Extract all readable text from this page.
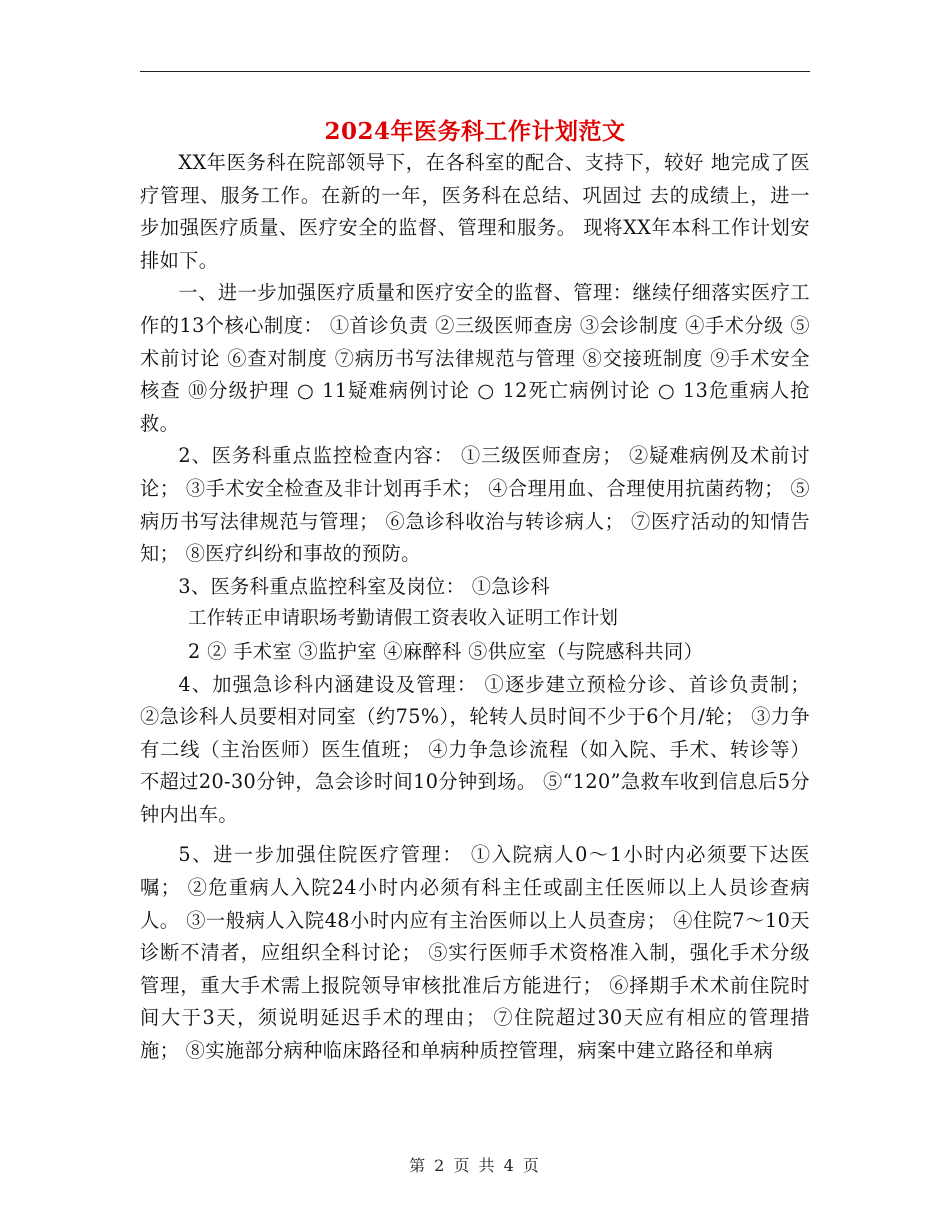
2024年医务科工作计划范文

XX年医务科在院部领导下，在各科室的配合、支持下，较好 地完成了医疗管理、服务工作。在新的一年，医务科在总结、巩固过 去的成绩上，进一步加强医疗质量、医疗安全的监督、管理和服务。 现将XX年本科工作计划安排如下。

一、进一步加强医疗质量和医疗安全的监督、管理：继续仔细落实医疗工作的13个核心制度： ①首诊负责 ②三级医师查房 ③会诊制度 ④手术分级 ⑤术前讨论 ⑥查对制度 ⑦病历书写法律规范与管理 ⑧交接班制度 ⑨手术安全核查 ⑩分级护理 ○ 11疑难病例讨论 ○ 12死亡病例讨论 ○ 13危重病人抢救。

2、医务科重点监控检查内容： ①三级医师查房； ②疑难病例及术前讨论； ③手术安全检查及非计划再手术； ④合理用血、合理使用抗菌药物； ⑤病历书写法律规范与管理； ⑥急诊科收治与转诊病人； ⑦医疗活动的知情告知； ⑧医疗纠纷和事故的预防。

3、医务科重点监控科室及岗位： ①急诊科

工作转正申请职场考勤请假工资表收入证明工作计划

2 ② 手术室 ③监护室 ④麻醉科 ⑤供应室（与院感科共同）

4、加强急诊科内涵建设及管理： ①逐步建立预检分诊、首诊负责制； ②急诊科人员要相对同室（约75%），轮转人员时间不少于6个月/轮； ③力争有二线（主治医师）医生值班； ④力争急诊流程（如入院、手术、转诊等）不超过20-30分钟，急会诊时间10分钟到场。 ⑤“120”急救车收到信息后5分钟内出车。

5、进一步加强住院医疗管理： ①入院病人0～1小时内必须要下达医嘱； ②危重病人入院24小时内必须有科主任或副主任医师以上人员诊查病人。 ③一般病人入院48小时内应有主治医师以上人员查房； ④住院7～10天诊断不清者，应组织全科讨论； ⑤实行医师手术资格准入制，强化手术分级管理，重大手术需上报院领导审核批准后方能进行； ⑥择期手术术前住院时间大于3天，须说明延迟手术的理由； ⑦住院超过30天应有相应的管理措施； ⑧实施部分病种临床路径和单病种质控管理，病案中建立路径和单病

第 2 页 共 4 页
